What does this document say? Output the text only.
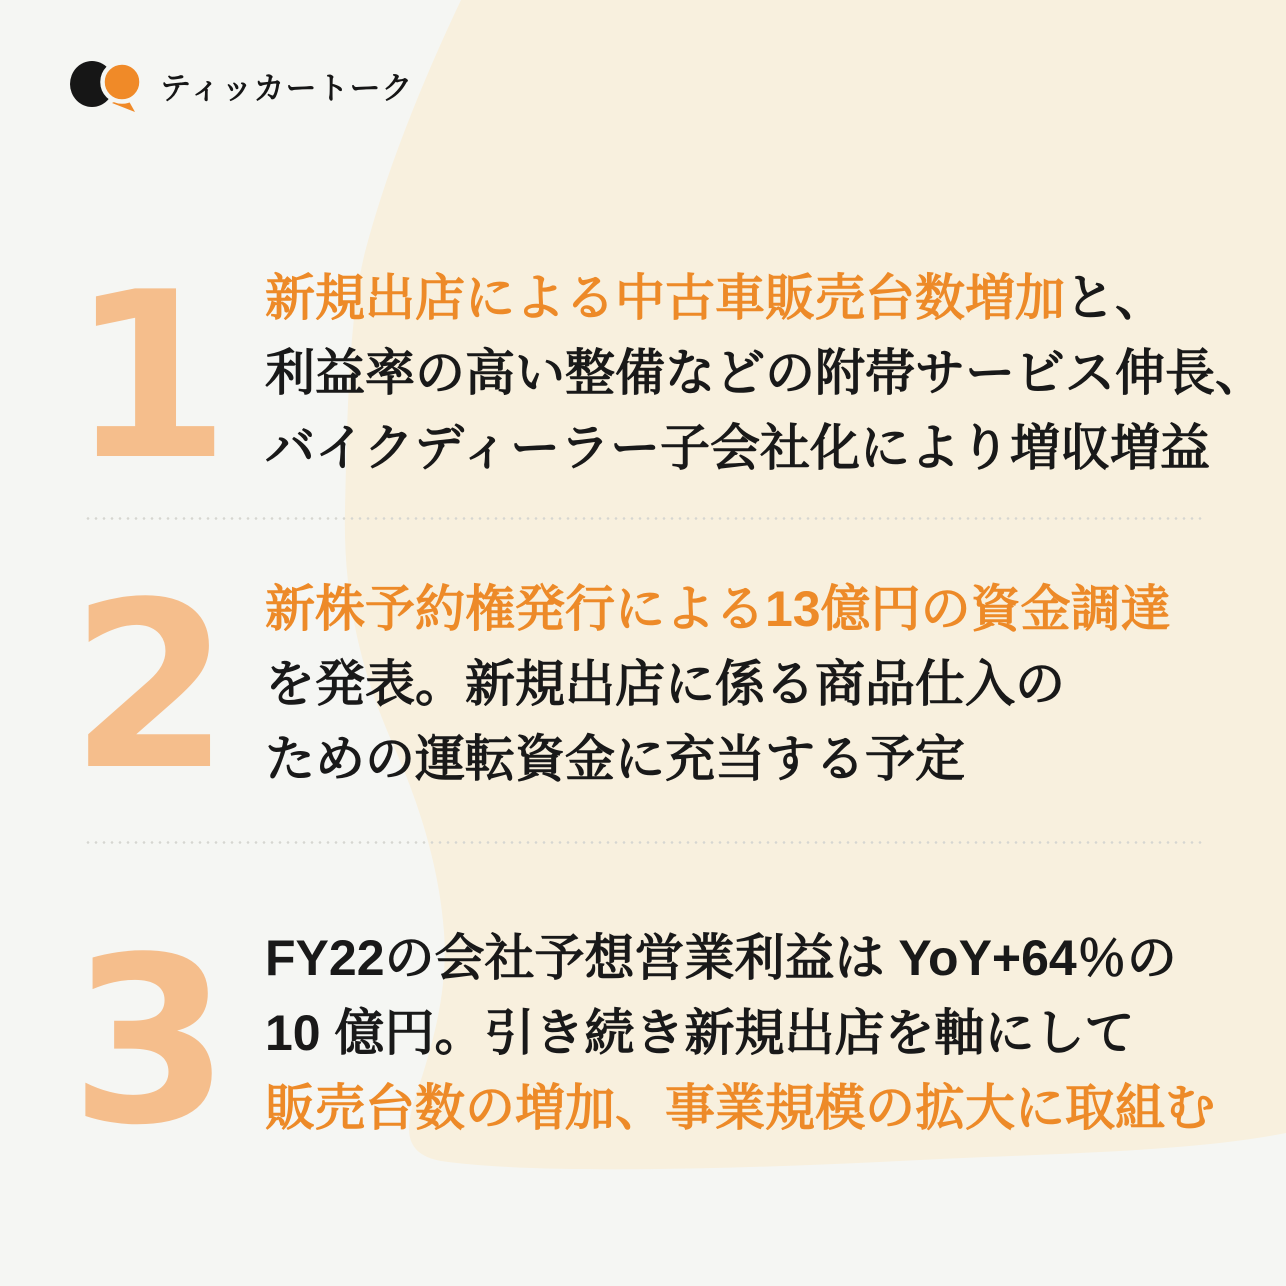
ティッカートーク
1 新規出店による中古車販売台数増加と、

利益率の高い整備などの附帯サービス伸長、

バイクディーラー子会社化により増収増益

2 新株予約権発行による13億円の資金調達

を発表。新規出店に係る商品仕入の

ための運転資金に充当する予定

3 FY22の会社予想営業利益は YoY+64％の

10 億円。引き続き新規出店を軸にして

販売台数の増加、事業規模の拡大に取組む
